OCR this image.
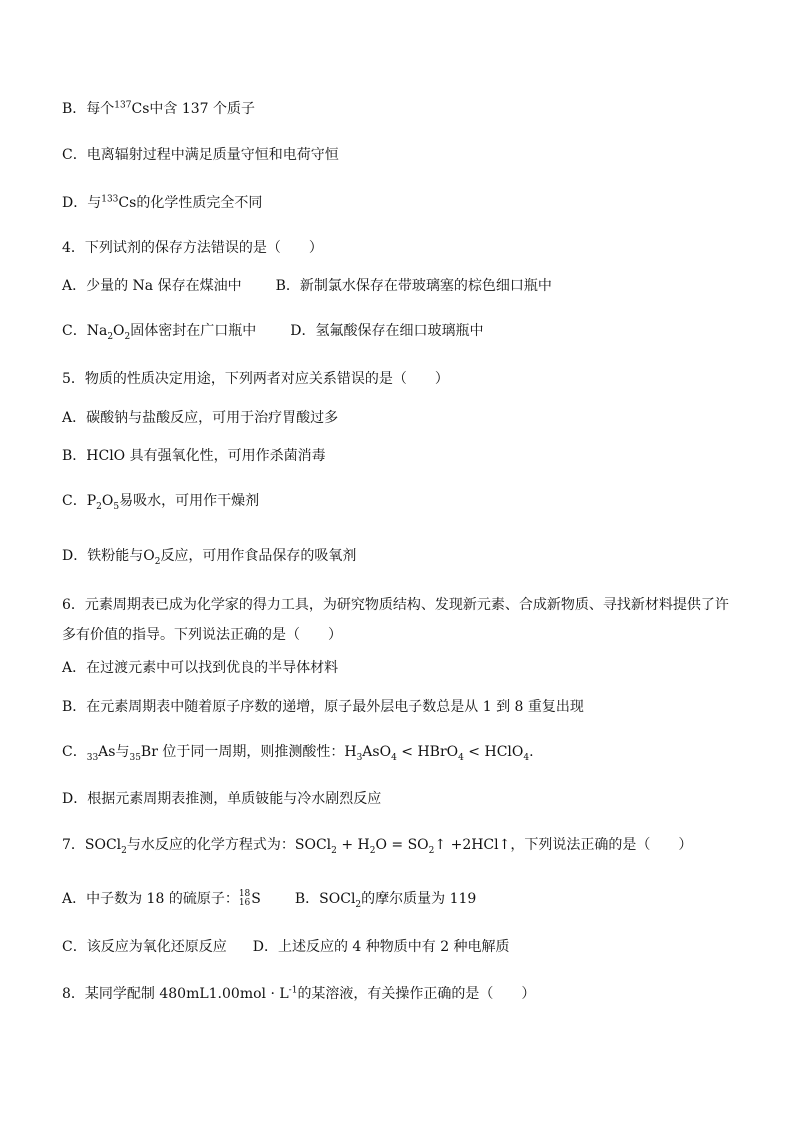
B．每个$^{137}$Cs中含 137 个质子
C．电离辐射过程中满足质量守恒和电荷守恒
D．与$^{133}$Cs的化学性质完全不同
4．下列试剂的保存方法错误的是（　　）
A．少量的 Na 保存在煤油中 B．新制氯水保存在带玻璃塞的棕色细口瓶中
C．$Na_2O_2$固体密封在广口瓶中 D．氢氟酸保存在细口玻璃瓶中
5．物质的性质决定用途，下列两者对应关系错误的是（　　）
A．碳酸钠与盐酸反应，可用于治疗胃酸过多
B．HClO 具有强氧化性，可用作杀菌消毒
C．$P_2O_5$易吸水，可用作干燥剂
D．铁粉能与$O_2$反应，可用作食品保存的吸氧剂
6．元素周期表已成为化学家的得力工具，为研究物质结构、发现新元素、合成新物质、寻找新材料提供了许多有价值的指导。下列说法正确的是（　　）
A．在过渡元素中可以找到优良的半导体材料
B．在元素周期表中随着原子序数的递增，原子最外层电子数总是从 1 到 8 重复出现
C．$_{33}$As与$_{35}$Br 位于同一周期，则推测酸性：$H_3AsO_4$ < HBrO$_4$ < HClO$_4$.
D．根据元素周期表推测，单质铍能与冷水剧烈反应
7．SOCl$_2$与水反应的化学方程式为：SOCl$_2$ + $H_2O$ = $SO_2↑$ +2HCl↑，下列说法正确的是（　　）
A．中子数为 18 的硫原子： 18
16 S B．SOCl$_2$的摩尔质量为 119
C．该反应为氧化还原反应 D．上述反应的 4 种物质中有 2 种电解质
8．某同学配制 $480mL1.00mol \cdot L^{-1}$的某溶液，有关操作正确的是（　　）
